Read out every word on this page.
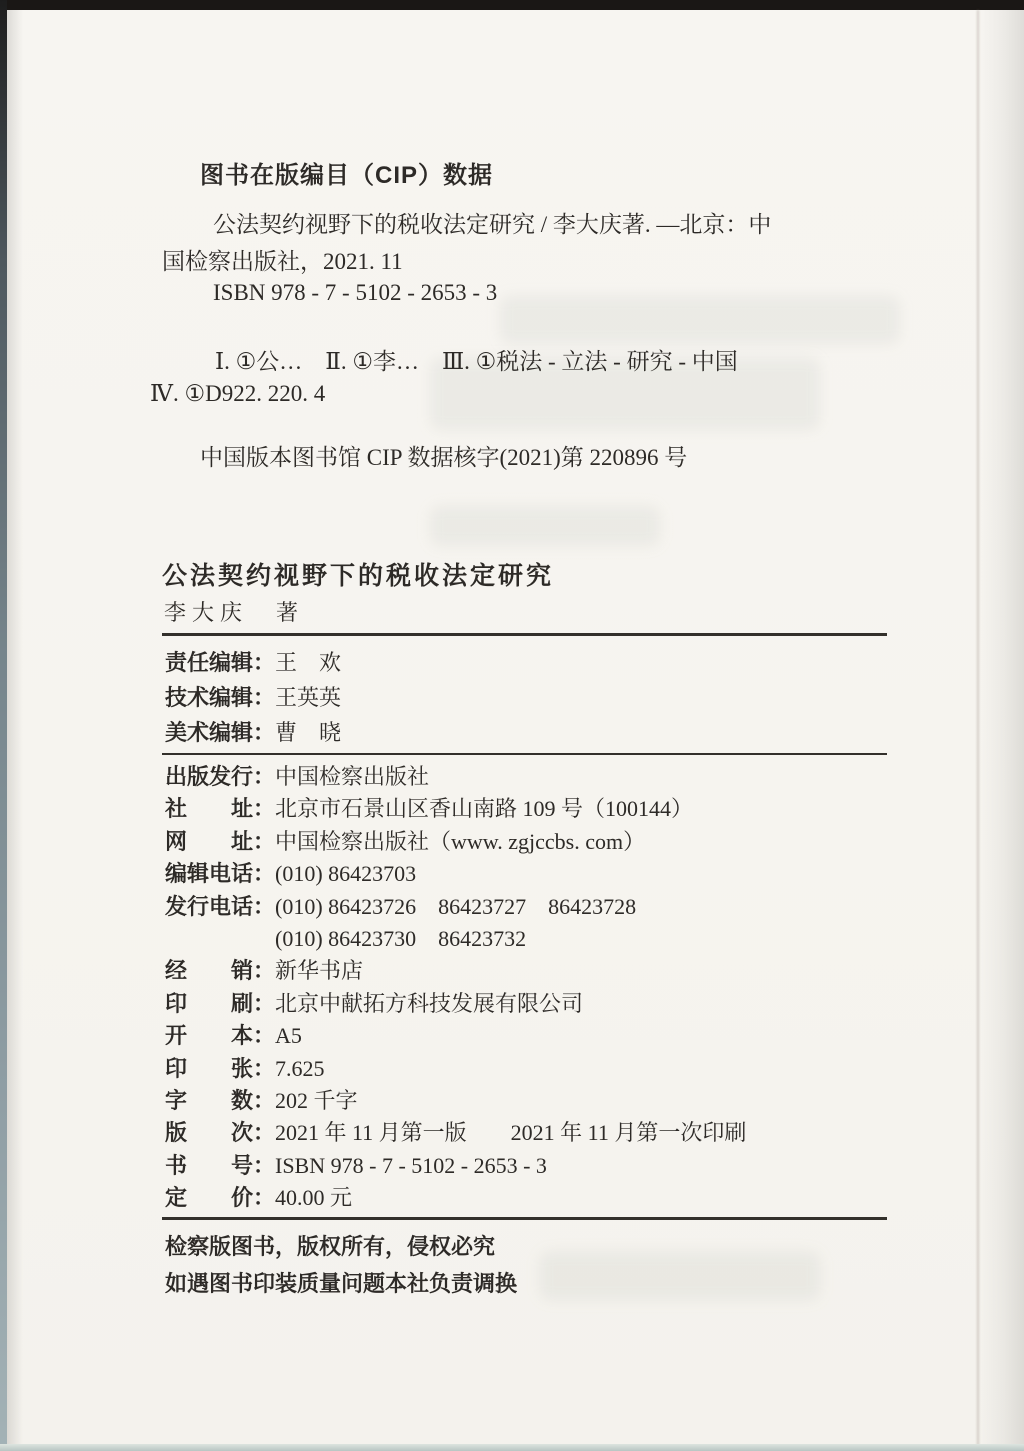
图书在版编目（CIP）数据
公法契约视野下的税收法定研究 / 李大庆著. —北京：中
国检察出版社，2021. 11
ISBN 978 - 7 - 5102 - 2653 - 3
Ⅰ. ①公…　Ⅱ. ①李…　Ⅲ. ①税法 - 立法 - 研究 - 中国
Ⅳ. ①D922. 220. 4
中国版本图书馆 CIP 数据核字(2021)第 220896 号
公法契约视野下的税收法定研究
李大庆　著
责任编辑：王　欢
技术编辑：王英英
美术编辑：曹　晓
出版发行：中国检察出版社
社　　址：北京市石景山区香山南路 109 号（100144）
网　　址：中国检察出版社（www. zgjccbs. com）
编辑电话：(010) 86423703
发行电话：(010) 86423726　86423727　86423728
(010) 86423730　86423732
经　　销：新华书店
印　　刷：北京中献拓方科技发展有限公司
开　　本：A5
印　　张：7.625
字　　数：202 千字
版　　次：2021 年 11 月第一版　　2021 年 11 月第一次印刷
书　　号：ISBN 978 - 7 - 5102 - 2653 - 3
定　　价：40.00 元
检察版图书，版权所有，侵权必究
如遇图书印装质量问题本社负责调换
